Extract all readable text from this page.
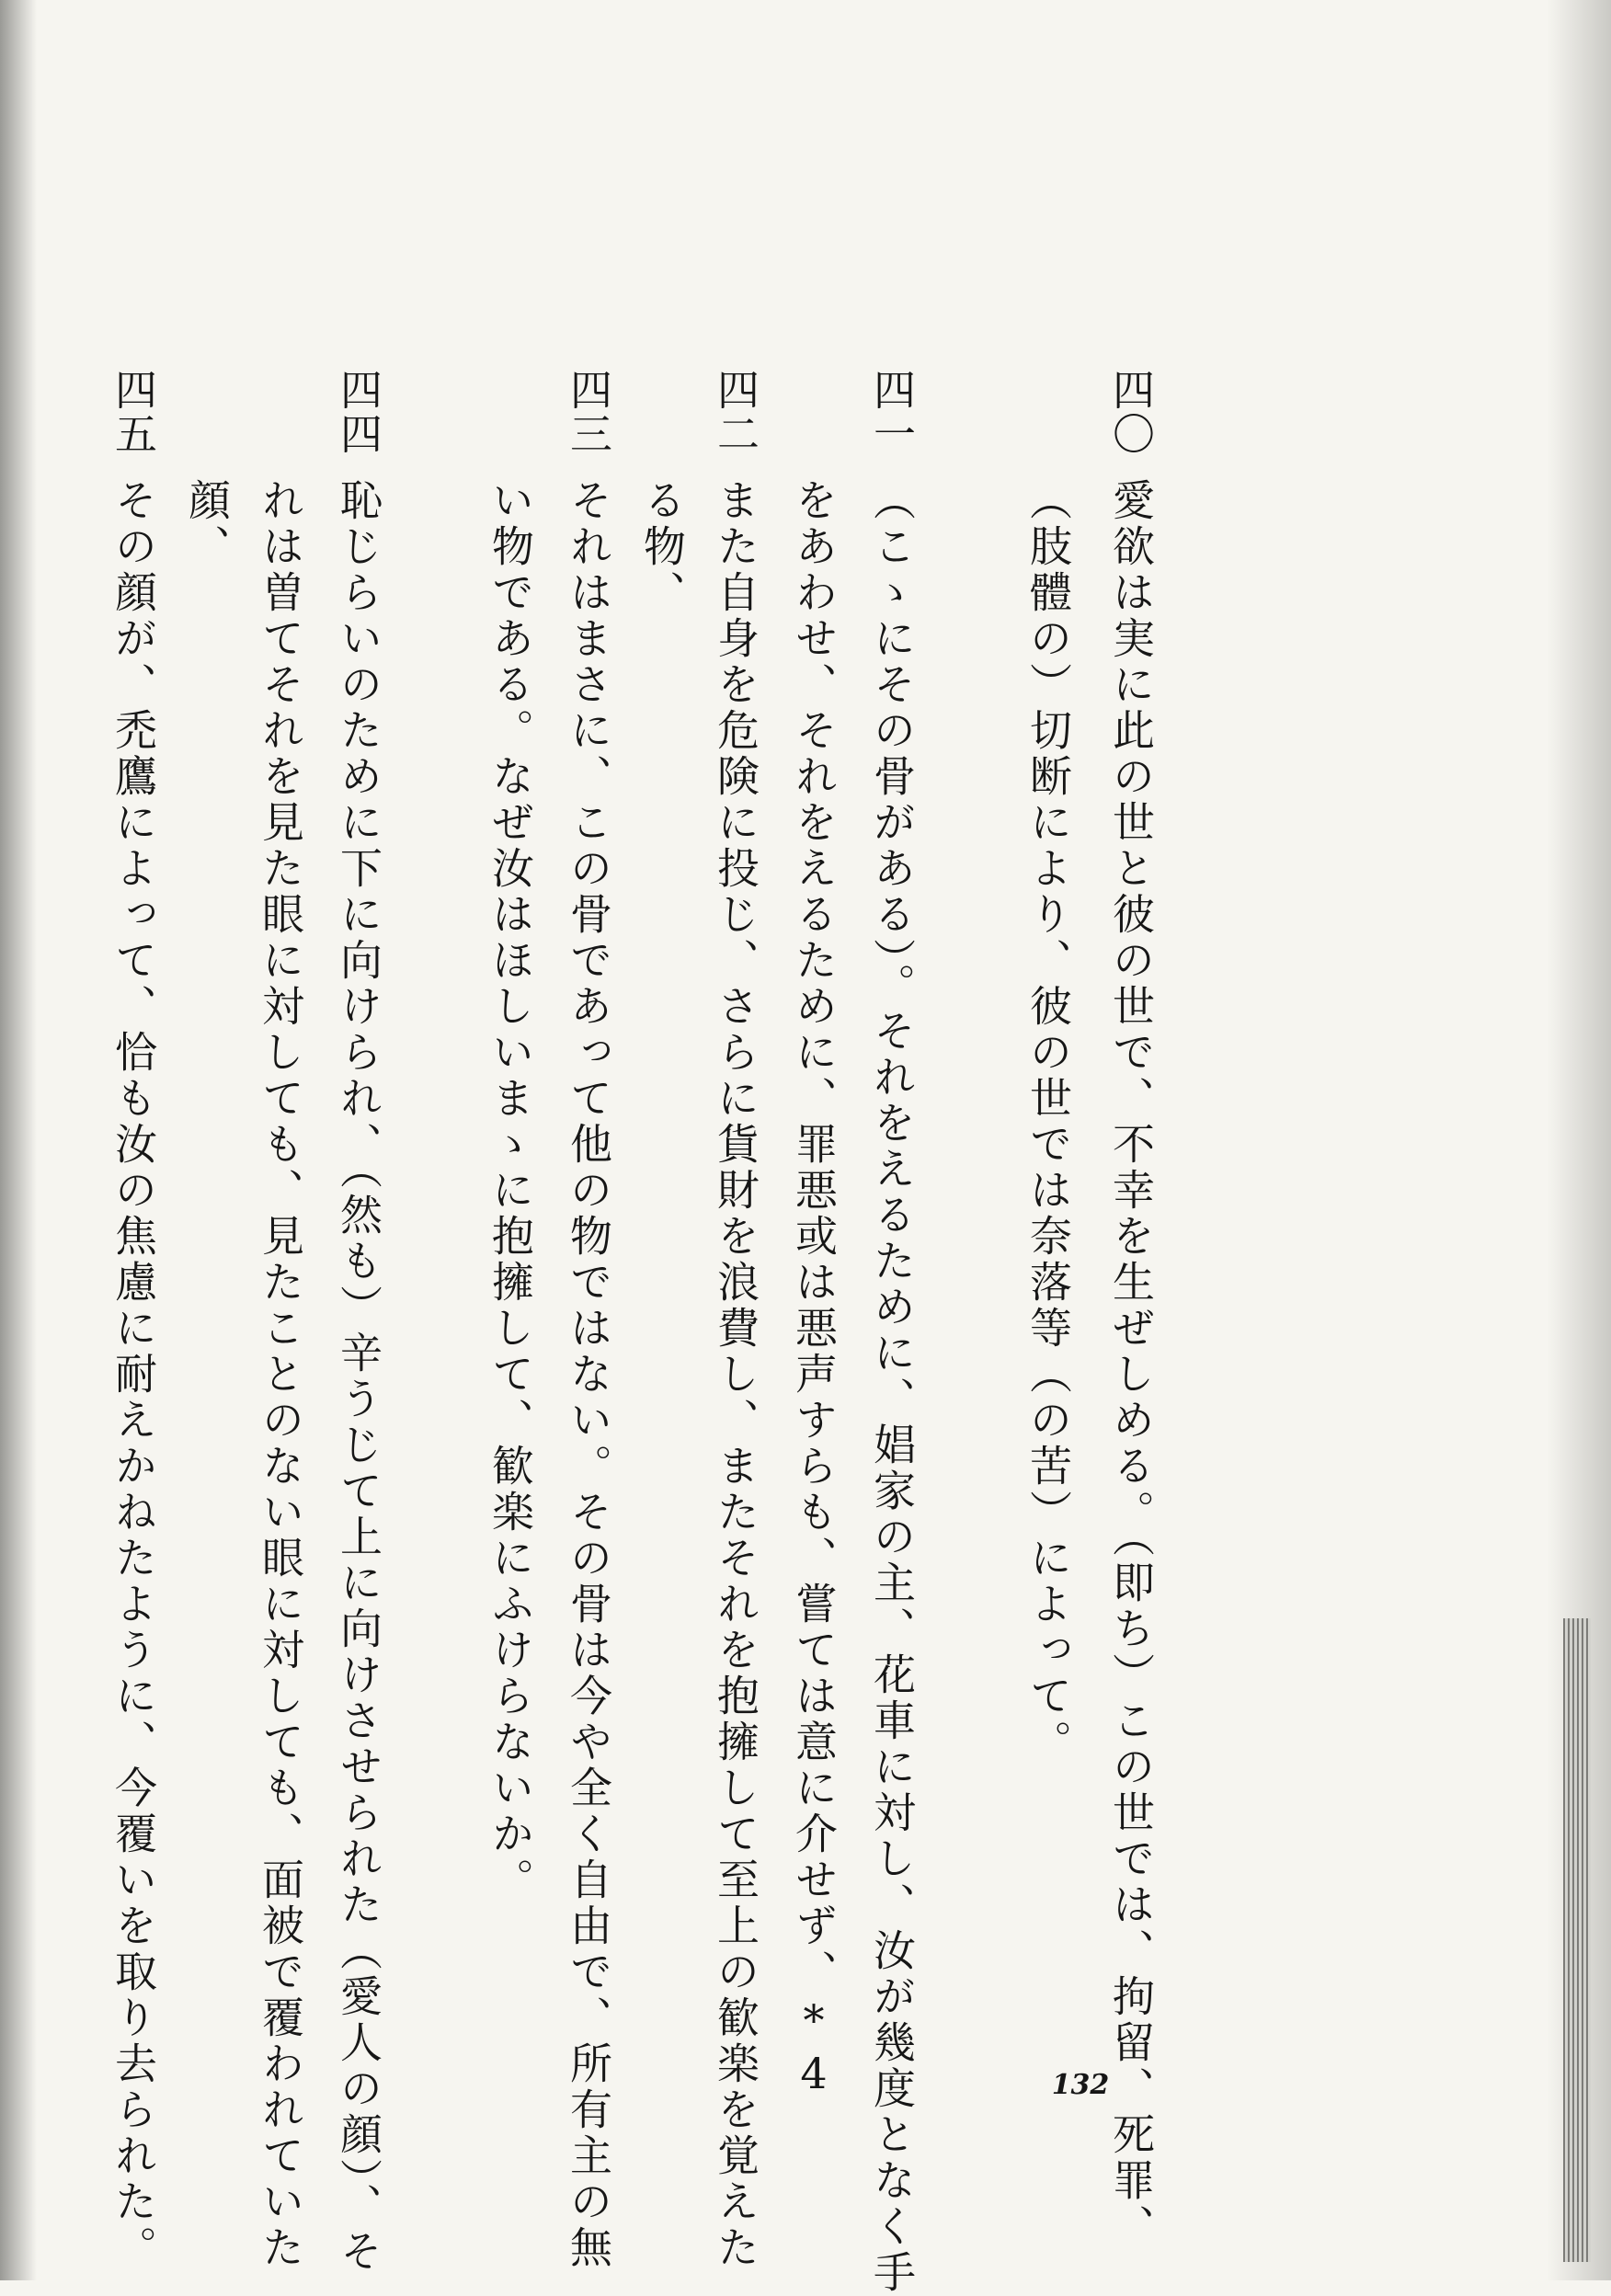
四〇
愛欲は実に此の世と彼の世で、不幸を生ぜしめる。（即ち）この世では、拘留、死罪、
（肢體の）切断により、彼の世では奈落等（の苦）によって。
四一
（こゝにその骨がある）。それをえるために、娼家の主、花車に対し、汝が幾度となく手
をあわせ、それをえるために、罪悪或は悪声すらも、嘗ては意に介せず、*4
四二
また自身を危険に投じ、さらに貨財を浪費し、またそれを抱擁して至上の歓楽を覚えた
る物、
四三
それはまさに、この骨であって他の物ではない。その骨は今や全く自由で、所有主の無
い物である。なぜ汝はほしいまゝに抱擁して、歓楽にふけらないか。
四四
恥じらいのために下に向けられ、（然も）辛うじて上に向けさせられた（愛人の顔）、そ
れは曽てそれを見た眼に対しても、見たことのない眼に対しても、面被で覆われていた
顔、
四五
その顔が、禿鷹によって、恰も汝の焦慮に耐えかねたように、今覆いを取り去られた。	132
